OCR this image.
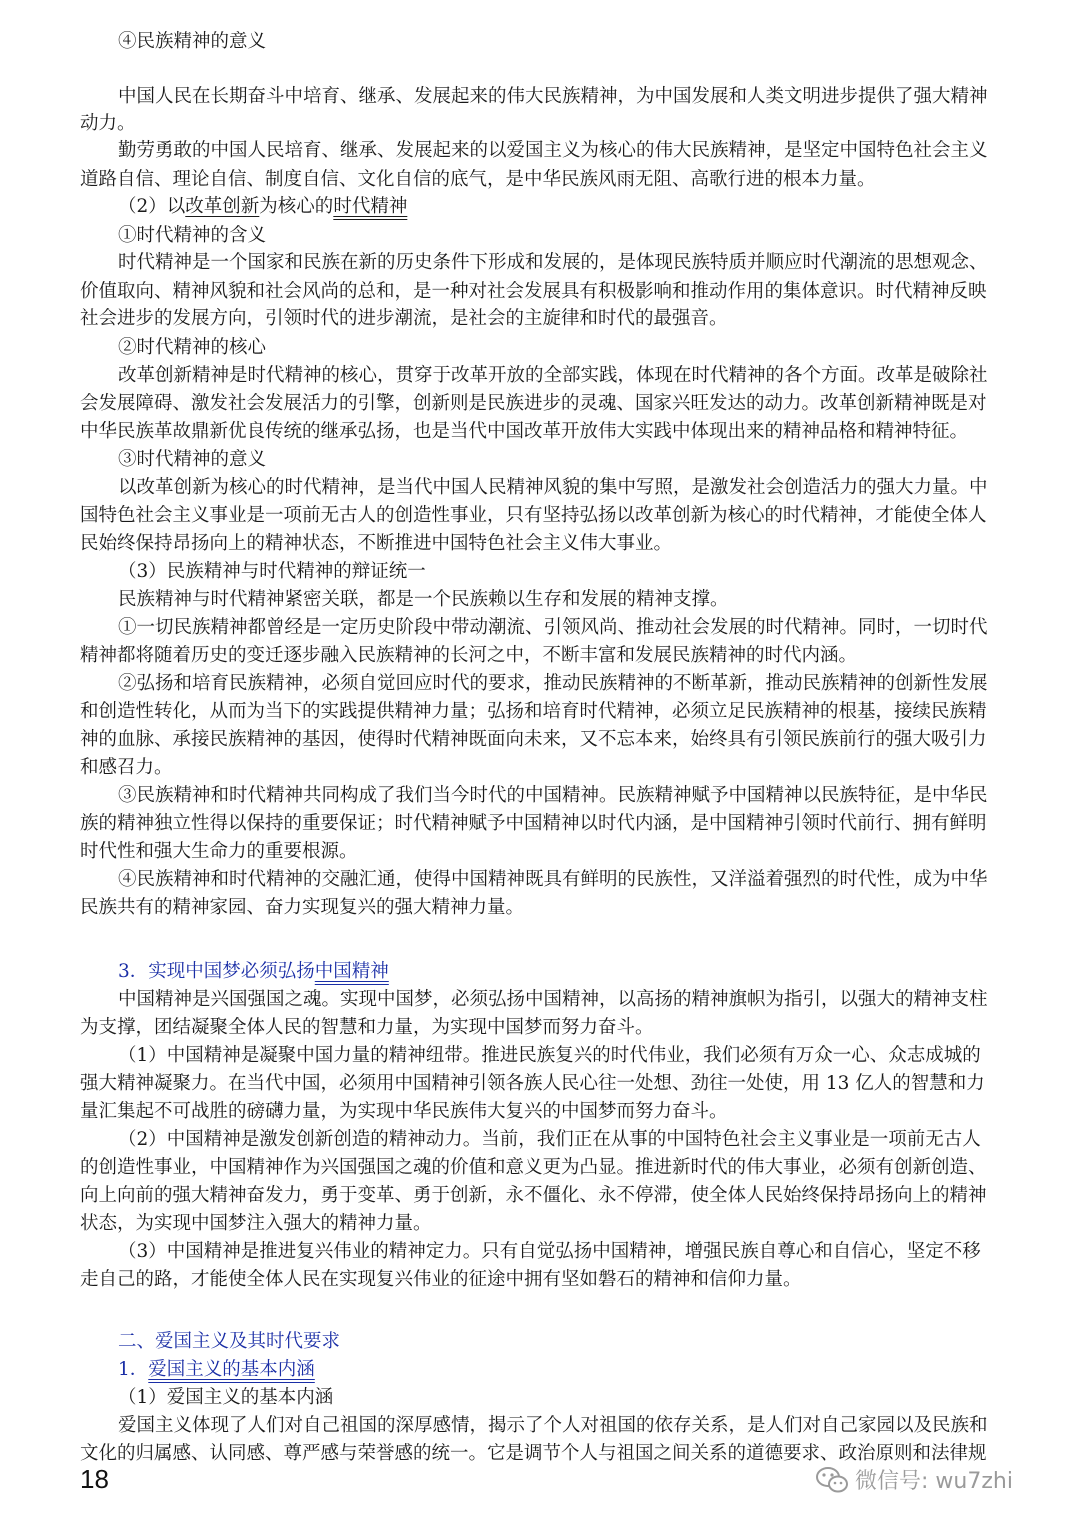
④民族精神的意义
中国人民在长期奋斗中培育、继承、发展起来的伟大民族精神，为中国发展和人类文明进步提供了强大精神
动力。
勤劳勇敢的中国人民培育、继承、发展起来的以爱国主义为核心的伟大民族精神，是坚定中国特色社会主义
道路自信、理论自信、制度自信、文化自信的底气，是中华民族风雨无阻、高歌行进的根本力量。
（2）以改革创新为核心的时代精神
①时代精神的含义
时代精神是一个国家和民族在新的历史条件下形成和发展的，是体现民族特质并顺应时代潮流的思想观念、
价值取向、精神风貌和社会风尚的总和，是一种对社会发展具有积极影响和推动作用的集体意识。时代精神反映
社会进步的发展方向，引领时代的进步潮流，是社会的主旋律和时代的最强音。
②时代精神的核心
改革创新精神是时代精神的核心，贯穿于改革开放的全部实践，体现在时代精神的各个方面。改革是破除社
会发展障碍、激发社会发展活力的引擎，创新则是民族进步的灵魂、国家兴旺发达的动力。改革创新精神既是对
中华民族革故鼎新优良传统的继承弘扬，也是当代中国改革开放伟大实践中体现出来的精神品格和精神特征。
③时代精神的意义
以改革创新为核心的时代精神，是当代中国人民精神风貌的集中写照，是激发社会创造活力的强大力量。中
国特色社会主义事业是一项前无古人的创造性事业，只有坚持弘扬以改革创新为核心的时代精神，才能使全体人
民始终保持昂扬向上的精神状态，不断推进中国特色社会主义伟大事业。
（3）民族精神与时代精神的辩证统一
民族精神与时代精神紧密关联，都是一个民族赖以生存和发展的精神支撑。
①一切民族精神都曾经是一定历史阶段中带动潮流、引领风尚、推动社会发展的时代精神。同时，一切时代
精神都将随着历史的变迁逐步融入民族精神的长河之中，不断丰富和发展民族精神的时代内涵。
②弘扬和培育民族精神，必须自觉回应时代的要求，推动民族精神的不断革新，推动民族精神的创新性发展
和创造性转化，从而为当下的实践提供精神力量；弘扬和培育时代精神，必须立足民族精神的根基，接续民族精
神的血脉、承接民族精神的基因，使得时代精神既面向未来，又不忘本来，始终具有引领民族前行的强大吸引力
和感召力。
③民族精神和时代精神共同构成了我们当今时代的中国精神。民族精神赋予中国精神以民族特征，是中华民
族的精神独立性得以保持的重要保证；时代精神赋予中国精神以时代内涵，是中国精神引领时代前行、拥有鲜明
时代性和强大生命力的重要根源。
④民族精神和时代精神的交融汇通，使得中国精神既具有鲜明的民族性，又洋溢着强烈的时代性，成为中华
民族共有的精神家园、奋力实现复兴的强大精神力量。
3．实现中国梦必须弘扬中国精神
中国精神是兴国强国之魂。实现中国梦，必须弘扬中国精神，以高扬的精神旗帜为指引，以强大的精神支柱
为支撑，团结凝聚全体人民的智慧和力量，为实现中国梦而努力奋斗。
（1）中国精神是凝聚中国力量的精神纽带。推进民族复兴的时代伟业，我们必须有万众一心、众志成城的
强大精神凝聚力。在当代中国，必须用中国精神引领各族人民心往一处想、劲往一处使，用 13 亿人的智慧和力
量汇集起不可战胜的磅礴力量，为实现中华民族伟大复兴的中国梦而努力奋斗。
（2）中国精神是激发创新创造的精神动力。当前，我们正在从事的中国特色社会主义事业是一项前无古人
的创造性事业，中国精神作为兴国强国之魂的价值和意义更为凸显。推进新时代的伟大事业，必须有创新创造、
向上向前的强大精神奋发力，勇于变革、勇于创新，永不僵化、永不停滞，使全体人民始终保持昂扬向上的精神
状态，为实现中国梦注入强大的精神力量。
（3）中国精神是推进复兴伟业的精神定力。只有自觉弘扬中国精神，增强民族自尊心和自信心，坚定不移
走自己的路，才能使全体人民在实现复兴伟业的征途中拥有坚如磐石的精神和信仰力量。
二、爱国主义及其时代要求
1．爱国主义的基本内涵
（1）爱国主义的基本内涵
爱国主义体现了人们对自己祖国的深厚感情，揭示了个人对祖国的依存关系，是人们对自己家园以及民族和
文化的归属感、认同感、尊严感与荣誉感的统一。它是调节个人与祖国之间关系的道德要求、政治原则和法律规
18	微信号: wu7zhi
